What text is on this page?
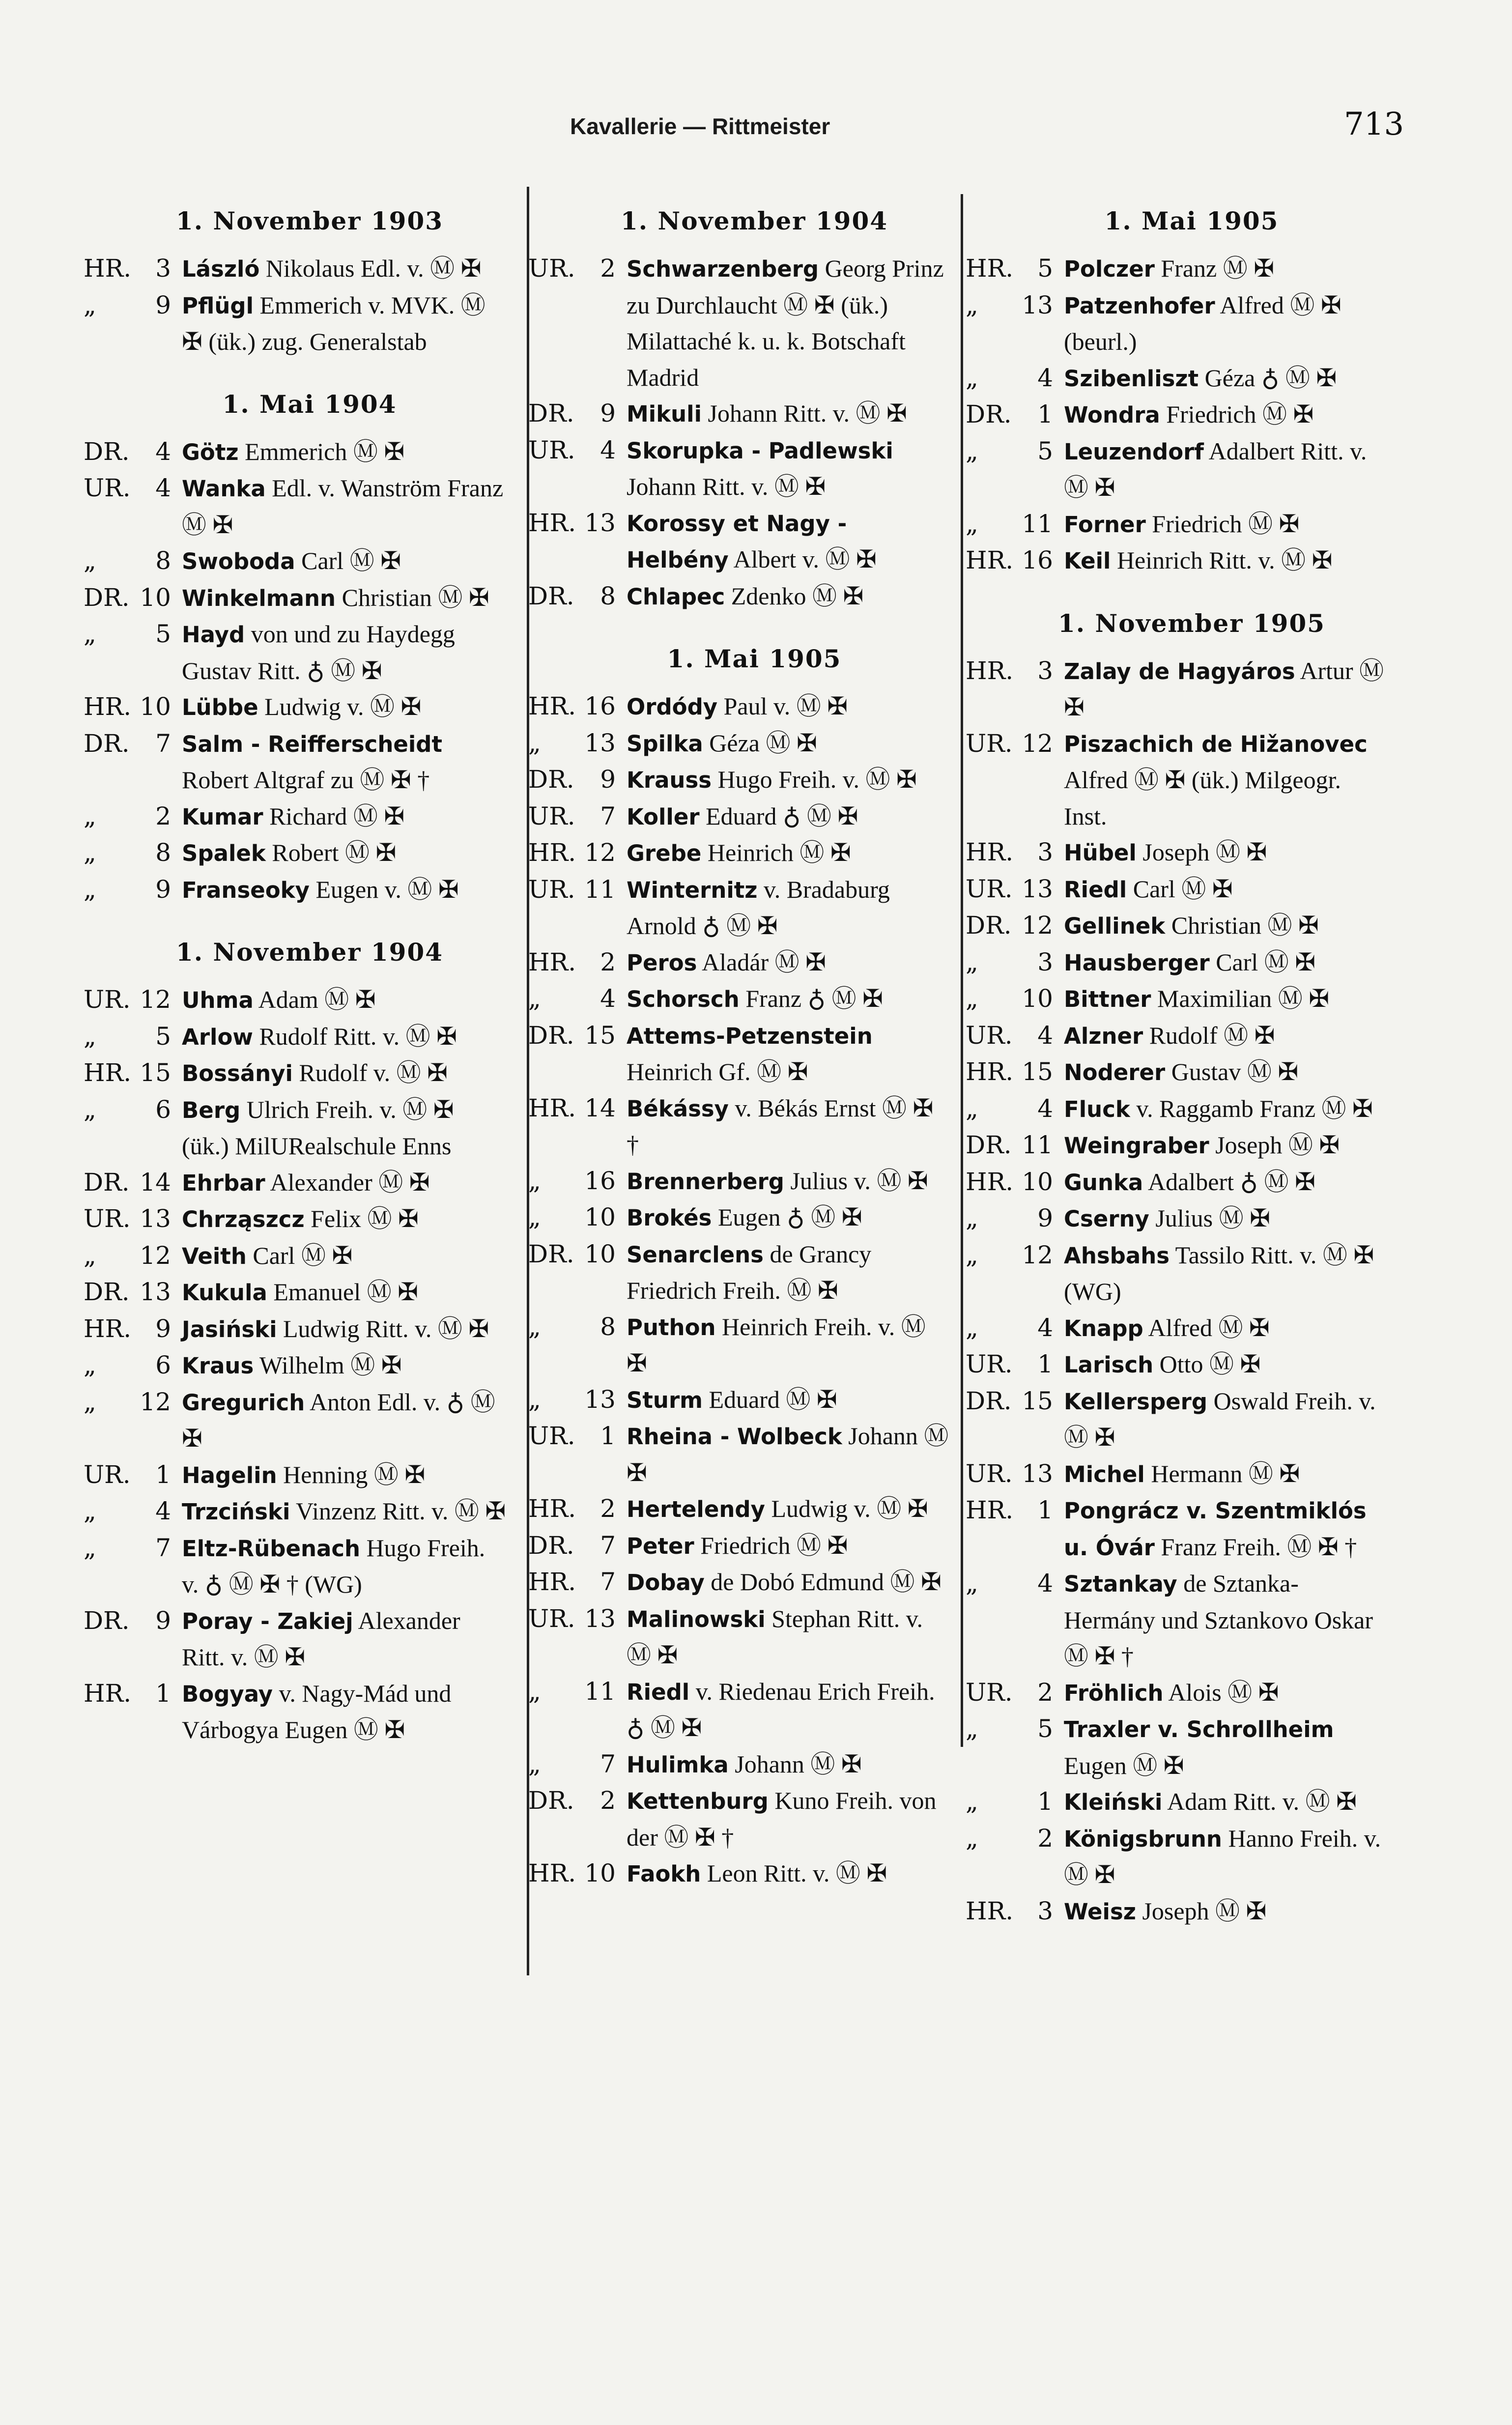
Kavallerie — Rittmeister	713
1. November 1903
HR. 3 László Nikolaus Edl. v. Ⓜ ✠
„	9 Pflügl Emmerich v. MVK. Ⓜ ✠ (ük.) zug. Generalstab
1. Mai 1904
DR.	4 Götz Emmerich Ⓜ ✠
UR.	4 Wanka Edl. v. Wanström Franz Ⓜ ✠
„	8 Swoboda Carl Ⓜ ✠
DR. 10 Winkelmann Christian Ⓜ ✠
„	5 Hayd von und zu Haydegg Gustav Ritt. ♁ Ⓜ ✠
HR. 10 Lübbe Ludwig v. Ⓜ ✠
DR.	7 Salm - Reifferscheidt Robert Altgraf zu Ⓜ ✠ †
„	2 Kumar Richard Ⓜ ✠
„	8 Spalek Robert Ⓜ ✠
„	9 Franseoky Eugen v. Ⓜ ✠
1. November 1904
UR. 12 Uhma Adam Ⓜ ✠
„	5 Arlow Rudolf Ritt. v. Ⓜ ✠
HR. 15 Bossányi Rudolf v. Ⓜ ✠
„	6 Berg Ulrich Freih. v. Ⓜ ✠ (ük.) MilURealschule Enns
DR. 14 Ehrbar Alexander Ⓜ ✠
UR. 13 Chrząszcz Felix Ⓜ ✠
„	12 Veith Carl Ⓜ ✠
DR. 13 Kukula Emanuel Ⓜ ✠
HR. 9 Jasiński Ludwig Ritt. v. Ⓜ ✠
„	6 Kraus Wilhelm Ⓜ ✠
„	12 Gregurich Anton Edl. v. ♁ Ⓜ ✠
UR.	1 Hagelin Henning Ⓜ ✠
„	4 Trzciński Vinzenz Ritt. v. Ⓜ ✠
„	7 Eltz-Rübenach Hugo Freih. v. ♁ Ⓜ ✠ † (WG)
DR.	9 Poray - Zakiej Alexander Ritt. v. Ⓜ ✠
HR. 1 Bogyay v. Nagy-Mád und Várbogya Eugen Ⓜ ✠
1. November 1904
UR.	2 Schwarzenberg Georg Prinz zu Durchlaucht Ⓜ ✠ (ük.) Milattaché k. u. k. Botschaft Madrid
DR.	9 Mikuli Johann Ritt. v. Ⓜ ✠
UR.	4 Skorupka - Padlewski Johann Ritt. v. Ⓜ ✠
HR. 13 Korossy et Nagy - Helbény Albert v. Ⓜ ✠
DR.	8 Chlapec Zdenko Ⓜ ✠
1. Mai 1905
HR. 16 Ordódy Paul v. Ⓜ ✠
„	13 Spilka Géza Ⓜ ✠
DR.	9 Krauss Hugo Freih. v. Ⓜ ✠
UR.	7 Koller Eduard ♁ Ⓜ ✠
HR. 12 Grebe Heinrich Ⓜ ✠
UR. 11 Winternitz v. Bradaburg Arnold ♁ Ⓜ ✠
HR. 2 Peros Aladár Ⓜ ✠
„	4 Schorsch Franz ♁ Ⓜ ✠
DR. 15 Attems-Petzenstein Heinrich Gf. Ⓜ ✠
HR. 14 Békássy v. Békás Ernst Ⓜ ✠ †
„	16 Brennerberg Julius v. Ⓜ ✠
„	10 Brokés Eugen ♁ Ⓜ ✠
DR. 10 Senarclens de Grancy Friedrich Freih. Ⓜ ✠
„	8 Puthon Heinrich Freih. v. Ⓜ ✠
„	13 Sturm Eduard Ⓜ ✠
UR.	1 Rheina - Wolbeck Johann Ⓜ ✠
HR. 2 Hertelendy Ludwig v. Ⓜ ✠
DR.	7 Peter Friedrich Ⓜ ✠
HR. 7 Dobay de Dobó Edmund Ⓜ ✠
UR. 13 Malinowski Stephan Ritt. v. Ⓜ ✠
„	11 Riedl v. Riedenau Erich Freih. ♁ Ⓜ ✠
„	7 Hulimka Johann Ⓜ ✠
DR.	2 Kettenburg Kuno Freih. von der Ⓜ ✠ †
HR. 10 Faokh Leon Ritt. v. Ⓜ ✠
1. Mai 1905
HR. 5 Polczer Franz Ⓜ ✠
„	13 Patzenhofer Alfred Ⓜ ✠ (beurl.)
„	4 Szibenliszt Géza ♁ Ⓜ ✠
DR.	1 Wondra Friedrich Ⓜ ✠
„	5 Leuzendorf Adalbert Ritt. v. Ⓜ ✠
„	11 Forner Friedrich Ⓜ ✠
HR. 16 Keil Heinrich Ritt. v. Ⓜ ✠
1. November 1905
HR. 3 Zalay de Hagyáros Artur Ⓜ ✠
UR. 12 Piszachich de Hižanovec Alfred Ⓜ ✠ (ük.) Milgeogr. Inst.
HR. 3 Hübel Joseph Ⓜ ✠
UR. 13 Riedl Carl Ⓜ ✠
DR. 12 Gellinek Christian Ⓜ ✠
„	3 Hausberger Carl Ⓜ ✠
„	10 Bittner Maximilian Ⓜ ✠
UR.	4 Alzner Rudolf Ⓜ ✠
HR. 15 Noderer Gustav Ⓜ ✠
„	4 Fluck v. Raggamb Franz Ⓜ ✠
DR. 11 Weingraber Joseph Ⓜ ✠
HR. 10 Gunka Adalbert ♁ Ⓜ ✠
„	9 Cserny Julius Ⓜ ✠
„	12 Ahsbahs Tassilo Ritt. v. Ⓜ ✠ (WG)
„	4 Knapp Alfred Ⓜ ✠
UR.	1 Larisch Otto Ⓜ ✠
DR. 15 Kellersperg Oswald Freih. v. Ⓜ ✠
UR. 13 Michel Hermann Ⓜ ✠
HR. 1 Pongrácz v. Szentmiklós u. Óvár Franz Freih. Ⓜ ✠ †
„	4 Sztankay de Sztanka-Hermány und Sztankovo Oskar Ⓜ ✠ †
UR.	2 Fröhlich Alois Ⓜ ✠
„	5 Traxler v. Schrollheim Eugen Ⓜ ✠
„	1 Kleiński Adam Ritt. v. Ⓜ ✠
„	2 Königsbrunn Hanno Freih. v. Ⓜ ✠
HR. 3 Weisz Joseph Ⓜ ✠
